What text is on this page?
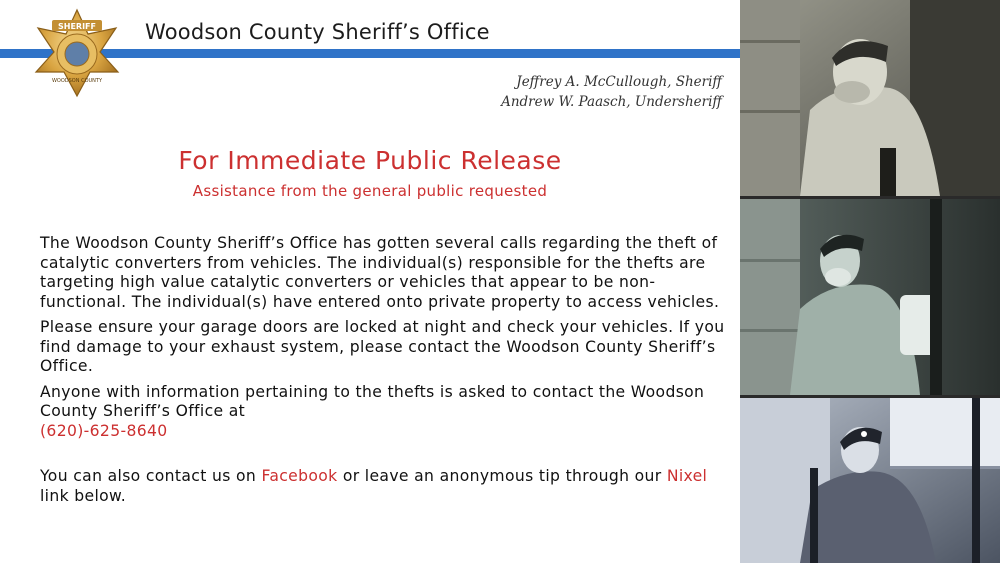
SHERIFF
WOODSON COUNTY
Woodson County Sheriff’s Office
Jeffrey A. McCullough, Sheriff
Andrew W. Paasch, Undersheriff
For Immediate Public Release
Assistance from the general public requested

The Woodson County Sheriff’s Office has gotten several calls regarding the theft of catalytic converters from vehicles. The individual(s) responsible for the thefts are targeting high value catalytic converters or vehicles that appear to be non-functional. The individual(s) have entered onto private property to access vehicles.

Please ensure your garage doors are locked at night and check your vehicles. If you find damage to your exhaust system, please contact the Woodson County Sheriff’s Office.

Anyone with information pertaining to the thefts is asked to contact the Woodson County Sheriff’s Office at
(620)-625-8640

You can also contact us on Facebook or leave an anonymous tip through our Nixel link below.
